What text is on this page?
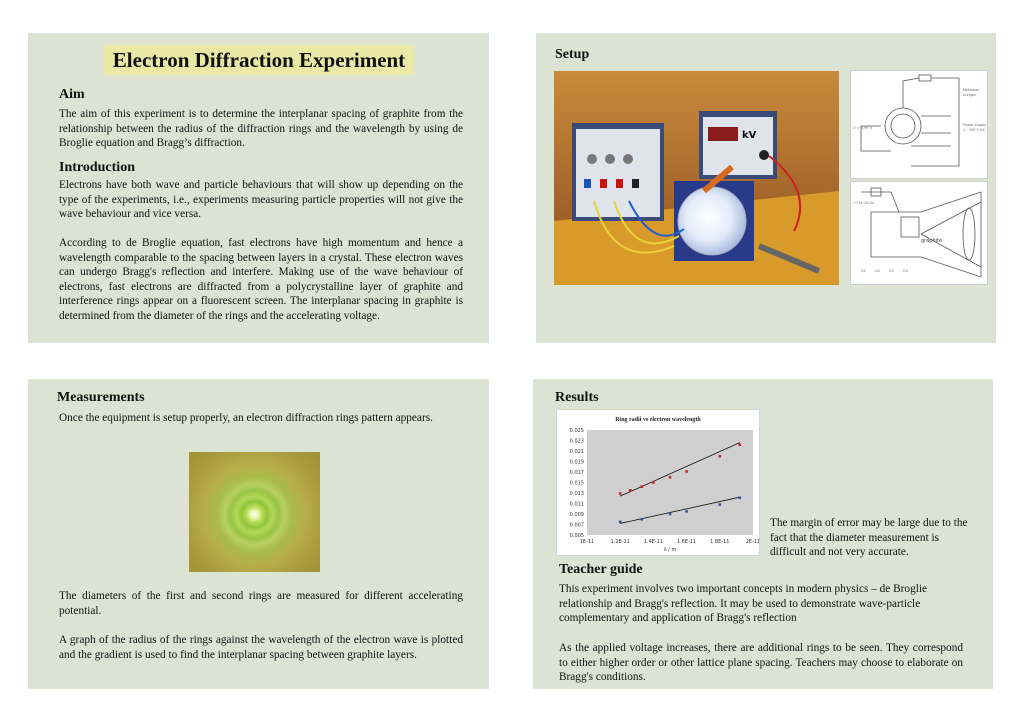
Electron Diffraction Experiment
Aim
The aim of this experiment is to determine the interplanar spacing of graphite from the relationship between the radius of the diffraction rings and the wavelength by using de Broglie equation and Bragg’s diffraction.
Introduction
Electrons have both wave and particle behaviours that will show up depending on the type of the experiments, i.e., experiments measuring particle properties will not give the wave behaviour and vice versa.
According to de Broglie equation, fast electrons have high momentum and hence a wavelength comparable to the spacing between layers in a crystal. These electron waves can undergo Bragg's reflection and interfere. Making use of the wave behaviour of electrons, fast electrons are diffracted from a polycrystalline layer of graphite and interference rings appear on a fluorescent screen. The interplanar spacing in graphite is determined from the diameter of the rings and the accelerating voltage.
Setup
kV
Netzspan-
nungen
Power supply
1 - 300 V DC
U = 9,99 V
graphite
+7 to 10 kV
G1	G2	G3	G4
Measurements
Once the equipment is setup properly, an electron diffraction rings pattern appears.
The diameters of the first and second rings are measured for different accelerating potential.
A graph of the radius of the rings against the wavelength of the electron wave is plotted and the gradient is used to find the interplanar spacing between graphite layers.
Results
Ring radii vs electron wavelength
0.025
0.023
0.021
0.019
0.017
0.015
0.013
0.011
0.009
0.007
0.005
1E-11	1.2E-11	1.4E-11	1.6E-11	1.8E-11	2E-11
λ / m
The margin of error may be large due to the fact that the diameter measurement is difficult and not very accurate.
Teacher guide
This experiment involves two important concepts in modern physics – de Broglie relationship and Bragg's reflection. It may be used to demonstrate wave-particle complementary and application of Bragg's reflection
As the applied voltage increases, there are additional rings to be seen. They correspond to either higher order or other lattice plane spacing. Teachers may choose to elaborate on Bragg's conditions.
